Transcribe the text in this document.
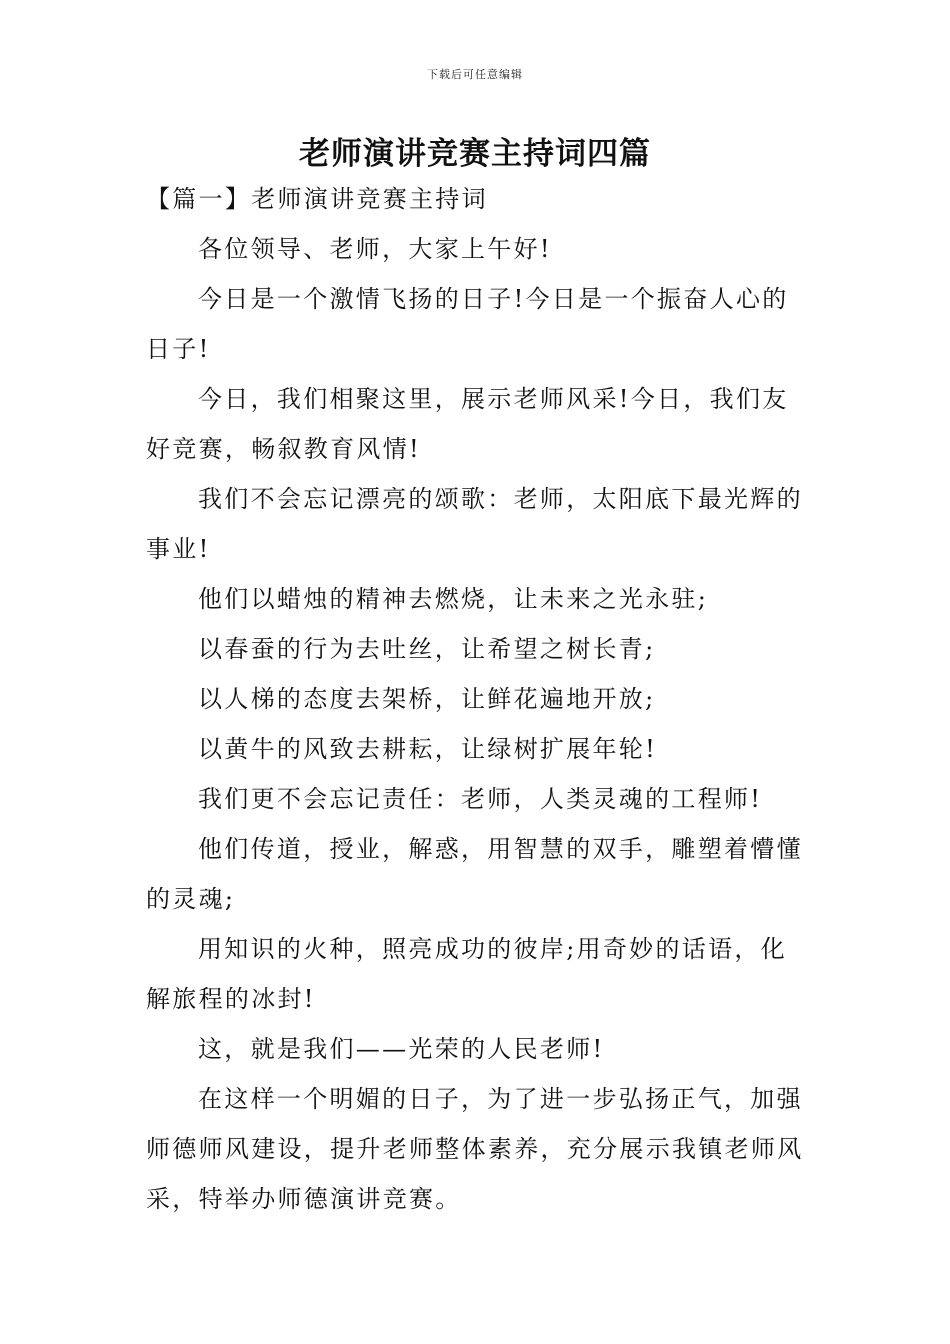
下载后可任意编辑
老师演讲竞赛主持词四篇
【篇一】老师演讲竞赛主持词

各位领导、老师，大家上午好!

今日是一个激情飞扬的日子!今日是一个振奋人心的日子!

今日，我们相聚这里，展示老师风采!今日，我们友好竞赛，畅叙教育风情!

我们不会忘记漂亮的颂歌：老师，太阳底下最光辉的事业!

他们以蜡烛的精神去燃烧，让未来之光永驻;

以春蚕的行为去吐丝，让希望之树长青;

以人梯的态度去架桥，让鲜花遍地开放;

以黄牛的风致去耕耘，让绿树扩展年轮!

我们更不会忘记责任：老师，人类灵魂的工程师!

他们传道，授业，解惑，用智慧的双手，雕塑着懵懂的灵魂;

用知识的火种，照亮成功的彼岸;用奇妙的话语，化解旅程的冰封!

这，就是我们——光荣的人民老师!

在这样一个明媚的日子，为了进一步弘扬正气，加强师德师风建设，提升老师整体素养，充分展示我镇老师风采，特举办师德演讲竞赛。
